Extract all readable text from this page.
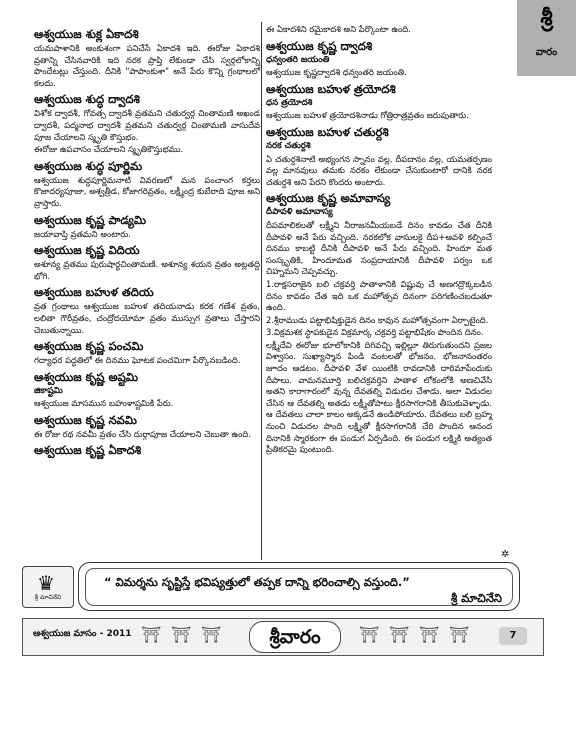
శ్రీ
వారం
ఆశ్వయుజ శుక్ల ఏకాదశి
యమపాశానికి అంకుశంగా పనిచేసే ఏకాదశి ఇది. ఈరోజు ఏకాదశి వ్రతాన్ని చేసినవారికి ఇది నరక ప్రాప్తి లేకుండా చేసి స్వర్గలోకాన్ని పొందేటట్లు చేస్తుంది. దీనికి "పాపాంకుశా" అనే పేరు కొన్ని గ్రంథాలలో కలదు.
ఆశ్వయుజ శుద్ధ ద్వాదశి
విశోక ద్వాదశీ, గోవత్స ద్వాదశీ వ్రతమని చతుర్వర్గ చింతామణి అఖండ ద్వాదశీ, పద్మనాభ ద్వాదశీ వ్రతమని చతుర్వర్గ చింతామణి వాసుదేవ పూజ చేయాలని స్మృతి కౌస్తుభం.
ఈరోజు ఉపవాసం చేయాలని స్మృతికౌస్తుభము.
ఆశ్వయుజ శుద్ధ పూర్ణిమ
ఆశ్వయుజ శుద్ధపూర్ణిమనాటి వివరణలో మన పంచాంగ కర్తలు కొజాదర్యపూజా, అశ్వత్రీడ, కోజాగరివ్రతం, లక్ష్మీంద్ర కుబేరాది పూజ అని వ్రాస్తారు.
ఆశ్వయుజ కృష్ణ పాడ్యమి
జయావాప్తి వ్రతమని అంటారు.
ఆశ్వయుజ కృష్ణ విదియ
అశూన్య వ్రతము పురుషార్థచింతామణి. అశూన్య శయన వ్రతం అట్లతద్ది భోగి.
ఆశ్వయుజ బహుళ తదియ
వ్రత గ్రంథాలు ఆశ్వయుజ బహుళ తదియనాడు కరక గణేశ వ్రతం, లలితా గౌరీవ్రతం, చంద్రోదయోమా వ్రతం ముస్సుగ వ్రతాలు చేస్తారని చెబుతున్నాయి.
ఆశ్వయుజ కృష్ణ పంచమి
గద్యాధర పద్ధతిలో ఈ దినము ఘోటక పంచమిగా పేర్కొనబడింది.
ఆశ్వయుజ కృష్ణ అష్టమి
జికాష్టమి
ఆశ్వయుజ మాసమున బహుళాష్టమికి పేరు.
ఆశ్వయుజ కృష్ణ నవమి
ఈ రోజు రథ నవమీ వ్రతం చేసి దుర్గాపూజ చేయాలని చెబుతా ఉంది.
ఆశ్వయుజ కృష్ణ ఏకాదశి
ఈ ఏకాదశిని రమైకాదశి అని పేర్కొంటా ఉంది.
ఆశ్వయుజ కృష్ణ ద్వాదశి
ధన్వంతరి జయంతి
ఆశ్వయుజ కృష్ణద్వాదశి ధన్వంతరి జయంతి.
ఆశ్వయుజ బహుళ త్రయోదశి
ధన త్రయోదశి
ఆశ్వయుజ బహుళ త్రయోదశినాడు గోత్రిరాత్రవ్రతం జరుపుతారు.
ఆశ్వయుజ బహుళ చతుర్దశి
నరక చతుర్దశి
ఏ చతుర్దశినాటి అభ్యంగన స్నానం వల్ల, దీపదానం వల్ల, యమతర్పణం వల్ల మానవులు తమకు నరకం లేకుండా చేసుకుంటారో దానికి నరక చతుర్దశి అని పేరని కొందరు అంటారు.
ఆశ్వయుజ కృష్ణ అమావాస్య
దీపావళి అమావాస్య
దీపమాలికలతో లక్ష్మీని నీరాజనమీయబడే దినం కావడం చేత దీనికి దీపావళి అనే పేరు వచ్చింది. నరకలోక వాసులకై దీప+ఆవళి కల్పించే దినము కాబట్టి దీనికి దీపావళి అనే పేరు వచ్చింది. హిందూ మత సంస్కృతికి, హిందూమత సంప్రదాయానికి దీపావళి పర్వం ఒక చిహ్నమని చెప్పవచ్చు.
1.రాక్షసరాజైన బలి చక్రవర్తి పాతాళానికి విష్ణువు చే అణగద్రొక్కబడిన దినం కావడం చేత ఇది ఒక మహోత్సవ దినంగా పరిగణించబడుతూ ఉంది.
2.శ్రీరాముడు పట్టాభిషిక్తుడైన దినం కావున మహోత్సవంగా ఏర్పాటైంది.
3.విక్రమశక స్థాపకుడైన విక్రమార్క చక్రవర్తి పట్టాభిషేకం పొందిన దినం.
లక్ష్మీదేవి ఈరోజు భూలోకానికి దిగివచ్చి ఇల్లిల్లూ తిరుగుతుందని ప్రజల విశ్వాసం. సుఖ్యాస్మాన పిండి వంటలతో భోజనం. భోజనానంతరం జూదం ఆడటం. దీపావళి వేళ యింటికి రావడానికి దారిమాపేందుకు దీపాలు. వామనమూర్తి బలిచక్రవర్తిని పాతాళ లోకంలోకి అణచివేసి అతని కారాగారంలో వున్న దేవతల్ని విడుదల చేశాడు. అలా విడుదల చేసిన ఆ దేవతల్ని అతడు లక్ష్మీతోపాటు క్షీరసాగరానికి తీసుకువెళ్ళాడు. ఆ దేవతలు చాలా కాలం అక్కడనే ఉండిపోయారు. దేవతలు బలి బ్రహ్మ నుంచి విడుదల పొంది లక్ష్మితో క్షీరసాగరానికి చేరి పొందిన ఆనంద దినానికి స్మారకంగా ఈ పండుగ ఏర్పడింది. ఈ పండుగ లక్ష్మికి అత్యంత ప్రీతికరమై పుంటుంది.
✲
♛
శ్రీ మాచినేని
“ విమర్శను సృష్టిస్తే భవిష్యత్తులో తప్పక దాన్ని భరించాల్సి వస్తుంది.”
శ్రీ మాచినేని
ఆశ్వయుజ మాసం - 2011 ⛩ ⛩ ⛩	శ్రీవారం	⛩ ⛩ ⛩ ⛩	7
